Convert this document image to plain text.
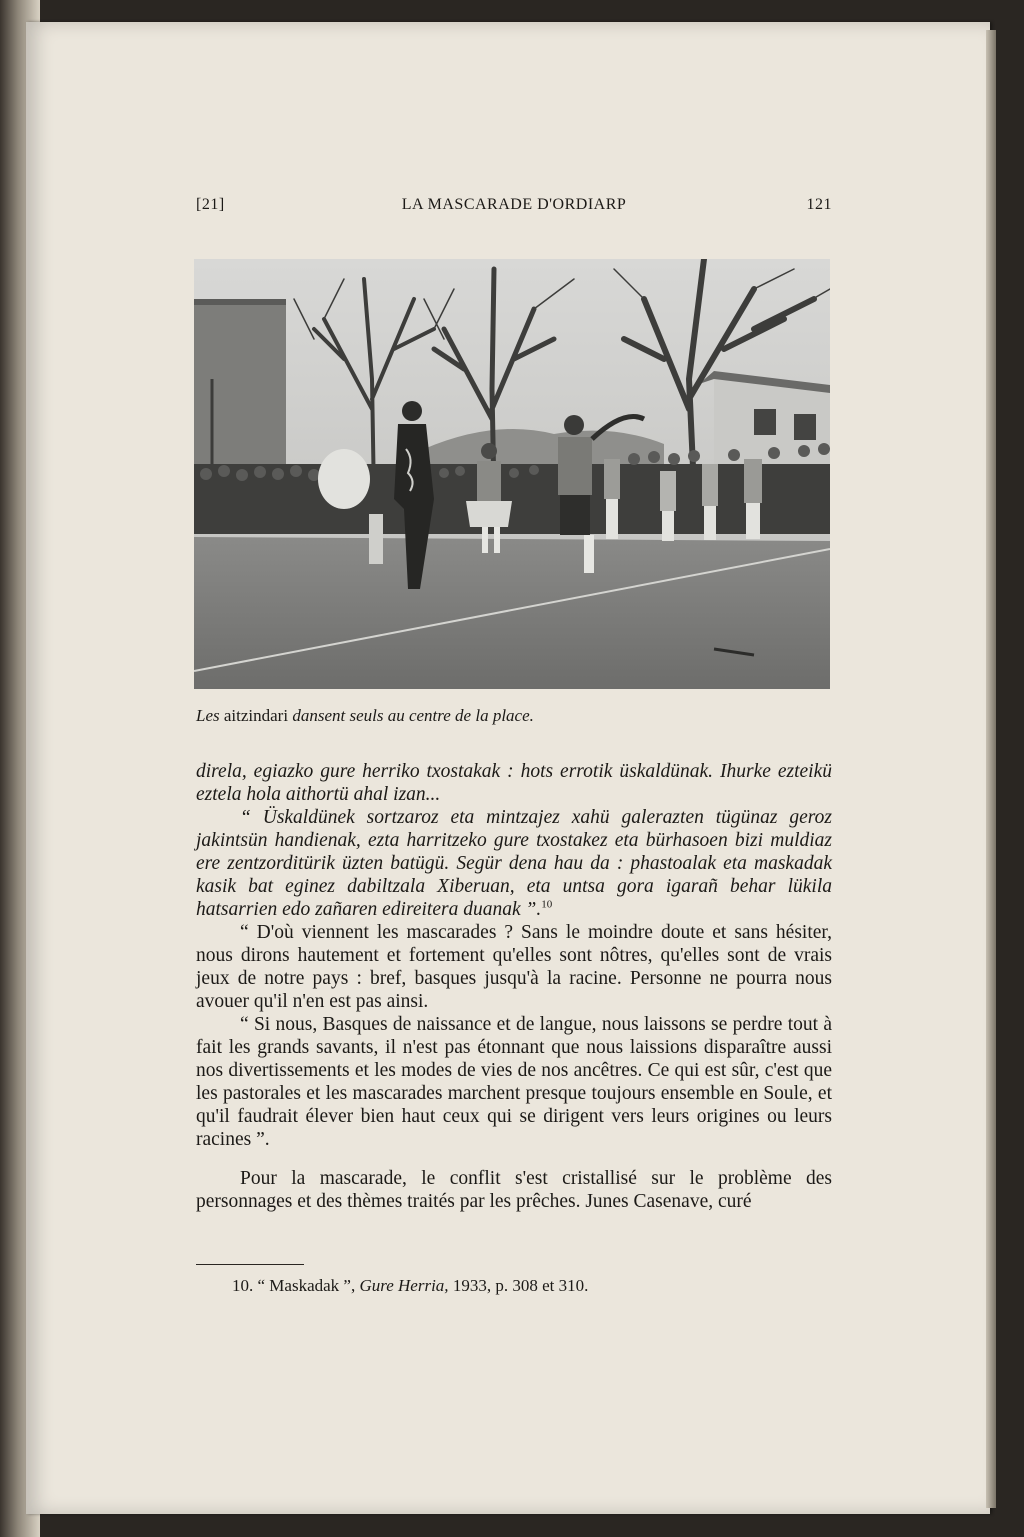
LA MASCARADE D'ORDIARP
[21]	121
Les aitzindari dansent seuls au centre de la place.

direla, egiazko gure herriko txostakak : hots errotik üskaldünak. Ihurke ezteikü eztela hola aithortü ahal izan...

“ Üskaldünek sortzaroz eta mintzajez xahü galerazten tügünaz geroz jakintsün handienak, ezta harritzeko gure txostakez eta bürhasoen bizi muldiaz ere zentzorditürik üzten batügü. Segür dena hau da : phastoalak eta maskadak kasik bat eginez dabiltzala Xiberuan, eta untsa gora igarañ behar lükila hatsarrien edo zañaren edireitera duanak ”.$^{10}$

“ D'où viennent les mascarades ? Sans le moindre doute et sans hésiter, nous dirons hautement et fortement qu'elles sont nôtres, qu'elles sont de vrais jeux de notre pays : bref, basques jusqu'à la racine. Personne ne pourra nous avouer qu'il n'en est pas ainsi.

“ Si nous, Basques de naissance et de langue, nous laissons se perdre tout à fait les grands savants, il n'est pas étonnant que nous laissions disparaître aussi nos divertissements et les modes de vies de nos ancêtres. Ce qui est sûr, c'est que les pastorales et les mascarades marchent presque toujours ensemble en Soule, et qu'il faudrait élever bien haut ceux qui se dirigent vers leurs origines ou leurs racines ”.

Pour la mascarade, le conflit s'est cristallisé sur le problème des personnages et des thèmes traités par les prêches. Junes Casenave, curé

10. “ Maskadak ”, Gure Herria, 1933, p. 308 et 310.
